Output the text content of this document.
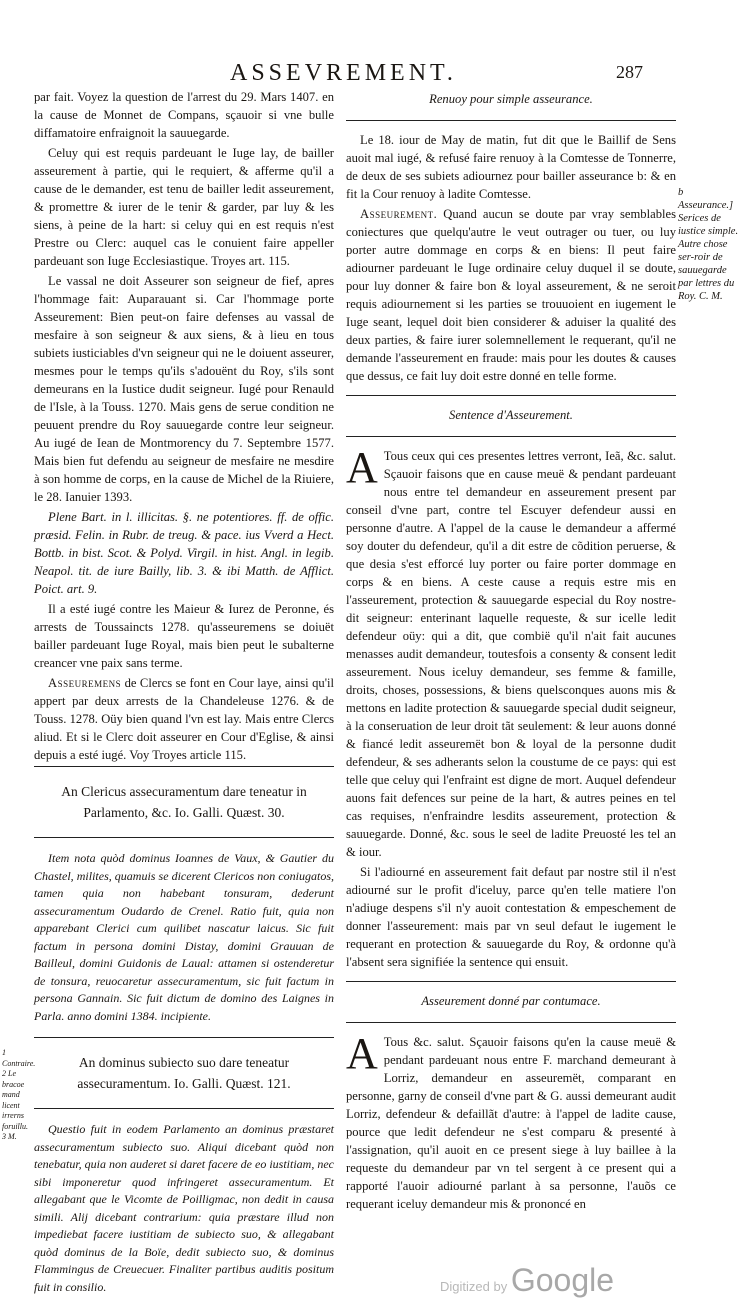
ASSEVREMENT.	287

par fait. Voyez la question de l'arrest du 29. Mars 1407. en la cause de Monnet de Compans, sçauoir si vne bulle diffamatoire enfraignoit la sauuegarde.

Celuy qui est requis pardeuant le Iuge lay, de bailler asseurement à partie, qui le requiert, & afferme qu'il a cause de le demander, est tenu de bailler ledit asseurement, & promettre & iurer de le tenir & garder, par luy & les siens, à peine de la hart: si celuy qui en est requis n'est Prestre ou Clerc: auquel cas le conuient faire appeller pardeuant son Iuge Ecclesiastique. Troyes art. 115.

Le vassal ne doit Asseurer son seigneur de fief, apres l'hommage fait: Auparauant si. Car l'hommage porte Asseurement: Bien peut-on faire defenses au vassal de mesfaire à son seigneur & aux siens, & à lieu en tous subiets iusticiables d'vn seigneur qui ne le doiuent asseurer, mesmes pour le temps qu'ils s'adouënt du Roy, s'ils sont demeurans en la Iustice dudit seigneur. Iugé pour Renauld de l'Isle, à la Touss. 1270. Mais gens de serue condition ne peuuent prendre du Roy sauuegarde contre leur seigneur. Au iugé de Iean de Montmorency du 7. Septembre 1577. Mais bien fut defendu au seigneur de mesfaire ne mesdire à son homme de corps, en la cause de Michel de la Riuiere, le 28. Ianuier 1393.

Plene Bart. in l. illicitas. §. ne potentiores. ff. de offic. præsid. Felin. in Rubr. de treug. & pace. ius Vverd a Hect. Bottb. in bist. Scot. & Polyd. Virgil. in hist. Angl. in legib. Neapol. tit. de iure Bailly, lib. 3. & ibi Matth. de Afflict. Poict. art. 9.

Il a esté iugé contre les Maieur & Iurez de Peronne, és arrests de Toussaincts 1278. qu'asseuremens se doiuët bailler pardeuant Iuge Royal, mais bien peut le subalterne creancer vne paix sans terme.

Asseuremens de Clercs se font en Cour laye, ainsi qu'il appert par deux arrests de la Chandeleuse 1276. & de Touss. 1278. Oüy bien quand l'vn est lay. Mais entre Clercs aliud. Et si le Clerc doit asseurer en Cour d'Eglise, & ainsi depuis a esté iugé. Voy Troyes article 115.

An Clericus assecuramentum dare teneatur in Parlamento, &c. Io. Galli. Quæst. 30.

Item nota quòd dominus Ioannes de Vaux, & Gautier du Chastel, milites, quamuis se dicerent Clericos non coniugatos, tamen quia non habebant tonsuram, dederunt assecuramentum Oudardo de Crenel. Ratio fuit, quia non apparebant Clerici cum quilibet nascatur laicus. Sic fuit factum in persona domini Distay, domini Grauuan de Bailleul, domini Guidonis de Laual: attamen si ostenderetur de tonsura, reuocaretur assecuramentum, sic fuit factum in persona Gannain. Sic fuit dictum de domino des Laignes in Parla. anno domini 1384. incipiente.

An dominus subiecto suo dare teneatur assecuramentum. Io. Galli. Quæst. 121.

Questio fuit in eodem Parlamento an dominus præstaret assecuramentum subiecto suo. Aliqui dicebant quòd non tenebatur, quia non auderet si daret facere de eo iustitiam, nec sibi imponeretur quod infringeret assecuramentum. Et allegabant que le Vicomte de Poilligmac, non dedit in causa simili. Alij dicebant contrarium: quia præstare illud non impediebat facere iustitiam de subiecto suo, & allegabant quòd dominus de la Boïe, dedit subiecto suo, & dominus Flammingus de Creuecuer. Finaliter partibus auditis positum fuit in consilio.

Renuoy pour simple asseurance.

Le 18. iour de May de matin, fut dit que le Baillif de Sens auoit mal iugé, & refusé faire renuoy à la Comtesse de Tonnerre, de deux de ses subiets adiournez pour bailler asseurance b: & en fit la Cour renuoy à ladite Comtesse.

Asseurement. Quand aucun se doute par vray semblables coniectures que quelqu'autre le veut outrager ou tuer, ou luy porter autre dommage en corps & en biens: Il peut faire adiourner pardeuant le Iuge ordinaire celuy duquel il se doute, pour luy donner & faire bon & loyal asseurement, & ne seroit requis adiournement si les parties se trouuoient en iugement le Iuge seant, lequel doit bien considerer & aduiser la qualité des deux parties, & faire iurer solemnellement le requerant, qu'il ne demande l'asseurement en fraude: mais pour les doutes & causes que dessus, ce fait luy doit estre donné en telle forme.

Sentence d'Asseurement.

A Tous ceux qui ces presentes lettres verront, Ieã, &c. salut. Sçauoir faisons que en cause meuë & pendant pardeuant nous entre tel demandeur en asseurement present par conseil d'vne part, contre tel Escuyer defendeur aussi en personne d'autre. A l'appel de la cause le demandeur a affermé soy douter du defendeur, qu'il a dit estre de cõdition peruerse, & que desia s'est efforcé luy porter ou faire porter dommage en corps & en biens. A ceste cause a requis estre mis en l'asseurement, protection & sauuegarde especial du Roy nostre-dit seigneur: enterinant laquelle requeste, & sur icelle ledit defendeur oüy: qui a dit, que combië qu'il n'ait fait aucunes menasses audit demandeur, toutesfois a consenty & consent ledit asseurement. Nous iceluy demandeur, ses femme & famille, droits, choses, possessions, & biens quelsconques auons mis & mettons en ladite protection & sauuegarde special dudit seigneur, à la conseruation de leur droit tãt seulement: & leur auons donné & fiancé ledit asseuremët bon & loyal de la personne dudit defendeur, & ses adherants selon la coustume de ce pays: qui est telle que celuy qui l'enfraint est digne de mort. Auquel defendeur auons fait defences sur peine de la hart, & autres peines en tel cas requises, n'enfraindre lesdits asseurement, protection & sauuegarde. Donné, &c. sous le seel de ladite Preuosté les tel an & iour.

Si l'adiourné en asseurement fait defaut par nostre stil il n'est adiourné sur le profit d'iceluy, parce qu'en telle matiere l'on n'adiuge despens s'il n'y auoit contestation & empeschement de donner l'asseurement: mais par vn seul defaut le iugement le requerant en protection & sauuegarde du Roy, & ordonne qu'à l'absent sera signifiée la sentence qui ensuit.

Asseurement donné par contumace.

A Tous &c. salut. Sçauoir faisons qu'en la cause meuë & pendant pardeuant nous entre F. marchand demeurant à Lorriz, demandeur en asseuremët, comparant en personne, garny de conseil d'vne part & G. aussi demeurant audit Lorriz, defendeur & defaillãt d'autre: à l'appel de ladite cause, pource que ledit defendeur ne s'est comparu & presenté à l'assignation, qu'il auoit en ce present siege à luy baillee à la requeste du demandeur par vn tel sergent à ce present qui a rapporté l'auoir adiourné parlant à sa personne, l'auõs ce requerant iceluy demandeur mis & prononcé en

b Asseurance.] Serices de iustice simple. Autre chose ser-roir de sauuegarde par lettres du Roy. C. M.
1 Contraire. 2 Le bracoe mand licent irrerns foruillu. 3 M.
Digitized by Google
